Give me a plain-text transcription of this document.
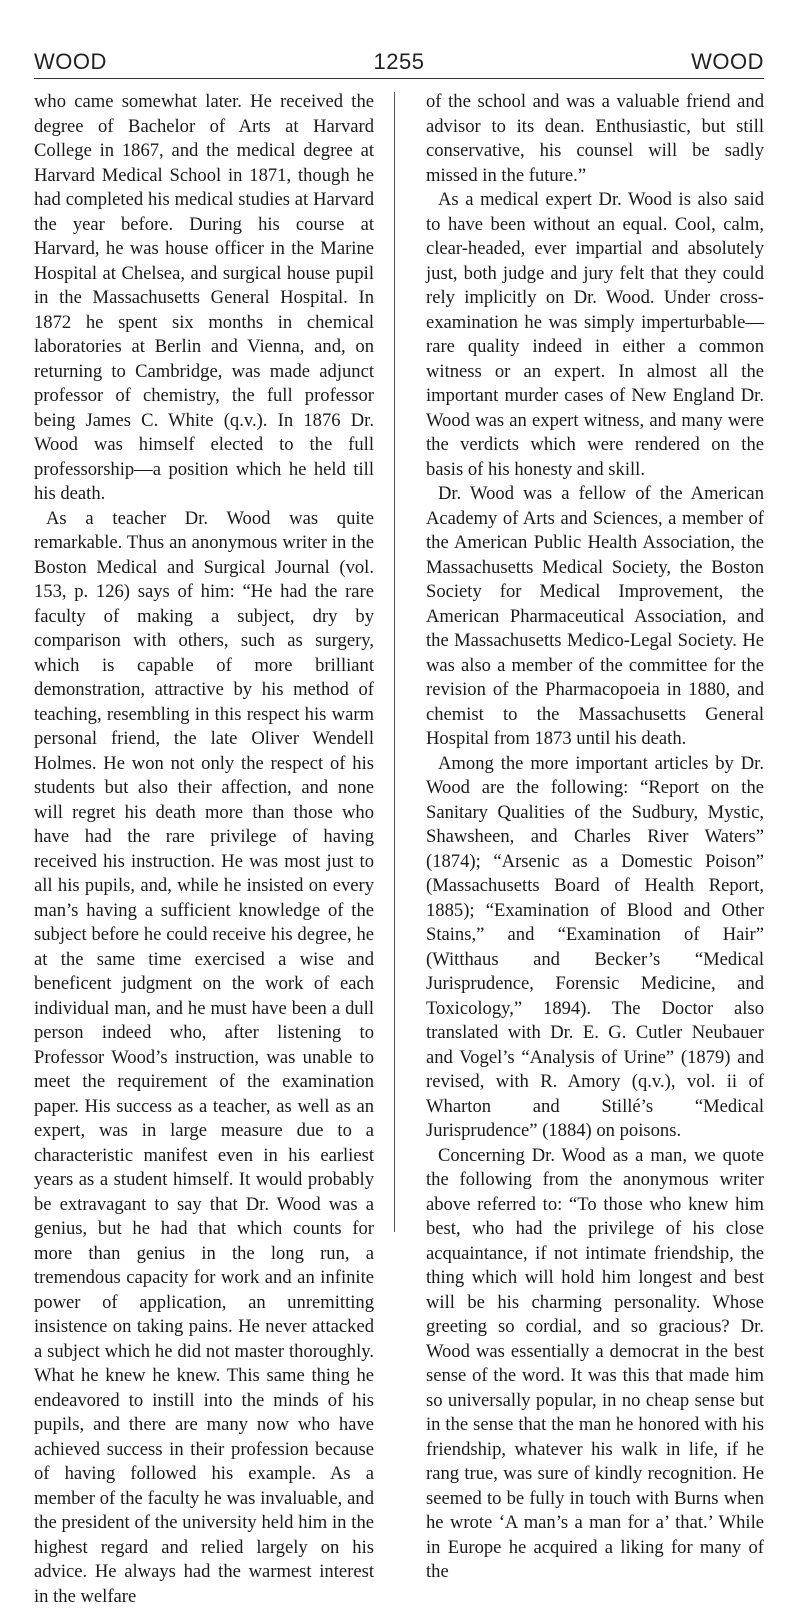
WOOD	1255	WOOD

who came somewhat later. He received the degree of Bachelor of Arts at Harvard College in 1867, and the medical degree at Harvard Medical School in 1871, though he had completed his medical studies at Harvard the year before. During his course at Harvard, he was house officer in the Marine Hospital at Chelsea, and surgical house pupil in the Massachusetts General Hospital. In 1872 he spent six months in chemical laboratories at Berlin and Vienna, and, on returning to Cambridge, was made adjunct professor of chemistry, the full professor being James C. White (q.v.). In 1876 Dr. Wood was himself elected to the full professorship—a position which he held till his death.

As a teacher Dr. Wood was quite remarkable. Thus an anonymous writer in the Boston Medical and Surgical Journal (vol. 153, p. 126) says of him: “He had the rare faculty of making a subject, dry by comparison with others, such as surgery, which is capable of more brilliant demonstration, attractive by his method of teaching, resembling in this respect his warm personal friend, the late Oliver Wendell Holmes. He won not only the respect of his students but also their affection, and none will regret his death more than those who have had the rare privilege of having received his instruction. He was most just to all his pupils, and, while he insisted on every man’s having a sufficient knowledge of the subject before he could receive his degree, he at the same time exercised a wise and beneficent judgment on the work of each individual man, and he must have been a dull person indeed who, after listening to Professor Wood’s instruction, was unable to meet the requirement of the examination paper. His success as a teacher, as well as an expert, was in large measure due to a characteristic manifest even in his earliest years as a student himself. It would probably be extravagant to say that Dr. Wood was a genius, but he had that which counts for more than genius in the long run, a tremendous capacity for work and an infinite power of application, an unremitting insistence on taking pains. He never attacked a subject which he did not master thoroughly. What he knew he knew. This same thing he endeavored to instill into the minds of his pupils, and there are many now who have achieved success in their profession because of having followed his example. As a member of the faculty he was invaluable, and the president of the university held him in the highest regard and relied largely on his advice. He always had the warmest interest in the welfare

of the school and was a valuable friend and advisor to its dean. Enthusiastic, but still conservative, his counsel will be sadly missed in the future.”

As a medical expert Dr. Wood is also said to have been without an equal. Cool, calm, clear-headed, ever impartial and absolutely just, both judge and jury felt that they could rely implicitly on Dr. Wood. Under cross-examination he was simply imperturbable—rare quality indeed in either a common witness or an expert. In almost all the important murder cases of New England Dr. Wood was an expert witness, and many were the verdicts which were rendered on the basis of his honesty and skill.

Dr. Wood was a fellow of the American Academy of Arts and Sciences, a member of the American Public Health Association, the Massachusetts Medical Society, the Boston Society for Medical Improvement, the American Pharmaceutical Association, and the Massachusetts Medico-Legal Society. He was also a member of the committee for the revision of the Pharmacopoeia in 1880, and chemist to the Massachusetts General Hospital from 1873 until his death.

Among the more important articles by Dr. Wood are the following: “Report on the Sanitary Qualities of the Sudbury, Mystic, Shawsheen, and Charles River Waters” (1874); “Arsenic as a Domestic Poison” (Massachusetts Board of Health Report, 1885); “Examination of Blood and Other Stains,” and “Examination of Hair” (Witthaus and Becker’s “Medical Jurisprudence, Forensic Medicine, and Toxicology,” 1894). The Doctor also translated with Dr. E. G. Cutler Neubauer and Vogel’s “Analysis of Urine” (1879) and revised, with R. Amory (q.v.), vol. ii of Wharton and Stillé’s “Medical Jurisprudence” (1884) on poisons.

Concerning Dr. Wood as a man, we quote the following from the anonymous writer above referred to: “To those who knew him best, who had the privilege of his close acquaintance, if not intimate friendship, the thing which will hold him longest and best will be his charming personality. Whose greeting so cordial, and so gracious? Dr. Wood was essentially a democrat in the best sense of the word. It was this that made him so universally popular, in no cheap sense but in the sense that the man he honored with his friendship, whatever his walk in life, if he rang true, was sure of kindly recognition. He seemed to be fully in touch with Burns when he wrote ‘A man’s a man for a’ that.’ While in Europe he acquired a liking for many of the
